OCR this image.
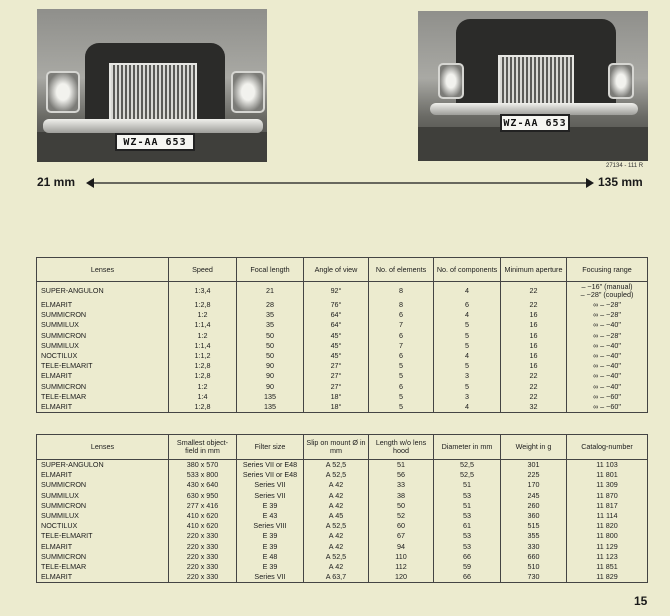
WZ-AA 653
WZ-AA 653
27134 - 111 R
21 mm	135 mm
Lenses	Speed	Focal length	Angle of view	No. of elements	No. of components	Minimum aperture	Focusing range
SUPER-ANGULON	1:3,4	21	92°	8	4	22	– ~16" (manual)
– ~28" (coupled)

ELMARIT	1:2,8	28	76°	8	6	22	∞ – ~28"

SUMMICRON	1:2	35	64°	6	4	16	∞ – ~28"

SUMMILUX	1:1,4	35	64°	7	5	16	∞ – ~40"

SUMMICRON	1:2	50	45°	6	5	16	∞ – ~28"

SUMMILUX	1:1,4	50	45°	7	5	16	∞ – ~40"

NOCTILUX	1:1,2	50	45°	6	4	16	∞ – ~40"

TELE-ELMARIT	1:2,8	90	27°	5	5	16	∞ – ~40"

ELMARIT	1:2,8	90	27°	5	3	22	∞ – ~40"

SUMMICRON	1:2	90	27°	6	5	22	∞ – ~40"

TELE-ELMAR	1:4	135	18°	5	3	22	∞ – ~60"

ELMARIT	1:2,8	135	18°	5	4	32	∞ – ~60"
Lenses	Smallest object-field in mm	Filter size	Slip on mount Ø in mm	Length w/o lens hood	Diameter in mm	Weight in g	Catalog-number
SUPER-ANGULON	380 x 570	Series VII or E48	A 52,5	51	52,5	301	11 103
ELMARIT	533 x 800	Series VII or E48	A 52,5	56	52,5	225	11 801
SUMMICRON	430 x 640	Series VII	A 42	33	51	170	11 309
SUMMILUX	630 x 950	Series VII	A 42	38	53	245	11 870
SUMMICRON	277 x 416	E 39	A 42	50	51	260	11 817
SUMMILUX	410 x 620	E 43	A 45	52	53	360	11 114
NOCTILUX	410 x 620	Series VIII	A 52,5	60	61	515	11 820
TELE-ELMARIT	220 x 330	E 39	A 42	67	53	355	11 800
ELMARIT	220 x 330	E 39	A 42	94	53	330	11 129
SUMMICRON	220 x 330	E 48	A 52,5	110	66	660	11 123
TELE-ELMAR	220 x 330	E 39	A 42	112	59	510	11 851
ELMARIT	220 x 330	Series VII	A 63,7	120	66	730	11 829
15
